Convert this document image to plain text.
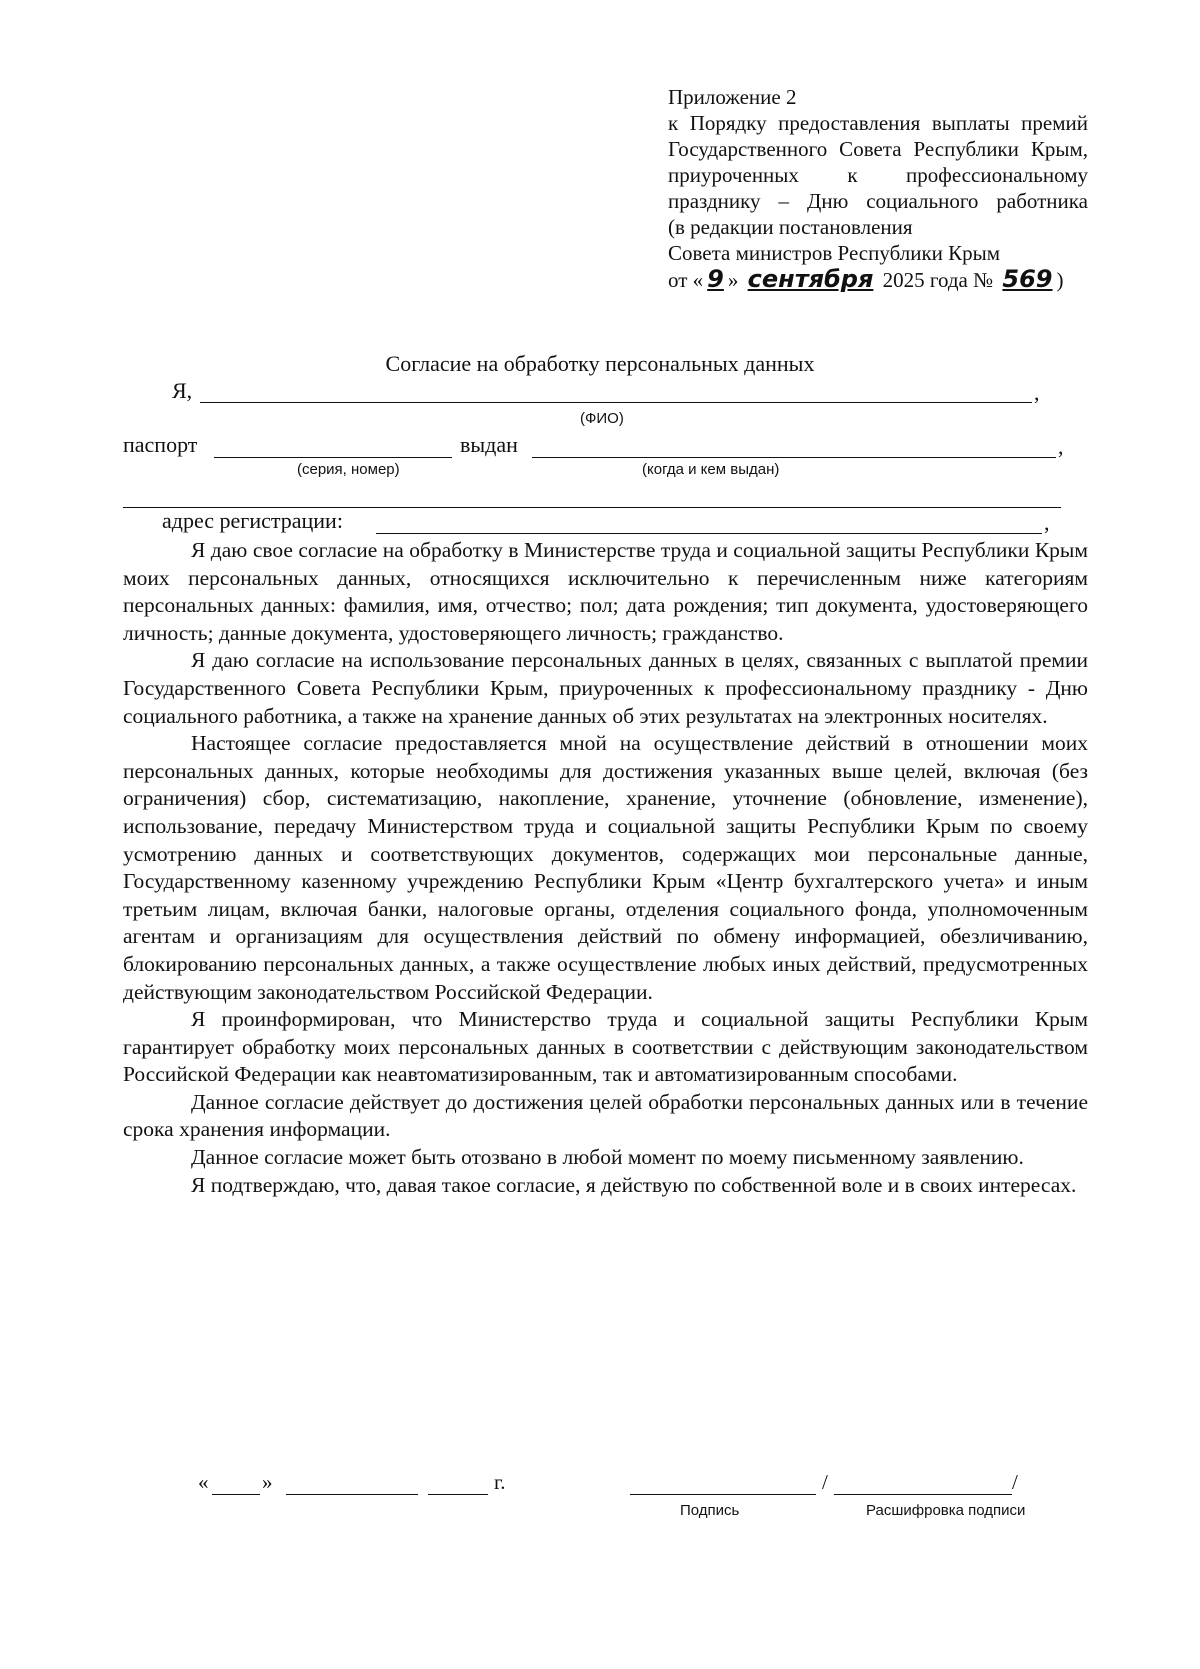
Приложение 2
к Порядку предоставления выплаты премий Государственного Совета Республики Крым, приуроченных к профессиональному празднику – Дню социального работника
(в редакции постановления
Совета министров Республики Крым
от « 9 » сентября 2025 года № 569 )
Согласие на обработку персональных данных
Я,	,
(ФИО)
паспорт	выдан	,
(серия, номер)	(когда и кем выдан)
адрес регистрации:	,

Я даю свое согласие на обработку в Министерстве труда и социальной защиты Республики Крым моих персональных данных, относящихся исключительно к перечисленным ниже категориям персональных данных: фамилия, имя, отчество; пол; дата рождения; тип документа, удостоверяющего личность; данные документа, удостоверяющего личность; гражданство.

Я даю согласие на использование персональных данных в целях, связанных с выплатой премии Государственного Совета Республики Крым, приуроченных к профессиональному празднику - Дню социального работника, а также на хранение данных об этих результатах на электронных носителях.

Настоящее согласие предоставляется мной на осуществление действий в отношении моих персональных данных, которые необходимы для достижения указанных выше целей, включая (без ограничения) сбор, систематизацию, накопление, хранение, уточнение (обновление, изменение), использование, передачу Министерством труда и социальной защиты Республики Крым по своему усмотрению данных и соответствующих документов, содержащих мои персональные данные, Государственному казенному учреждению Республики Крым «Центр бухгалтерского учета» и иным третьим лицам, включая банки, налоговые органы, отделения социального фонда, уполномоченным агентам и организациям для осуществления действий по обмену информацией, обезличиванию, блокированию персональных данных, а также осуществление любых иных действий, предусмотренных действующим законодательством Российской Федерации.

Я проинформирован, что Министерство труда и социальной защиты Республики Крым гарантирует обработку моих персональных данных в соответствии с действующим законодательством Российской Федерации как неавтоматизированным, так и автоматизированным способами.

Данное согласие действует до достижения целей обработки персональных данных или в течение срока хранения информации.

Данное согласие может быть отозвано в любой момент по моему письменному заявлению.

Я подтверждаю, что, давая такое согласие, я действую по собственной воле и в своих интересах.

«	»	г.	/	/
Подпись	Расшифровка подписи
